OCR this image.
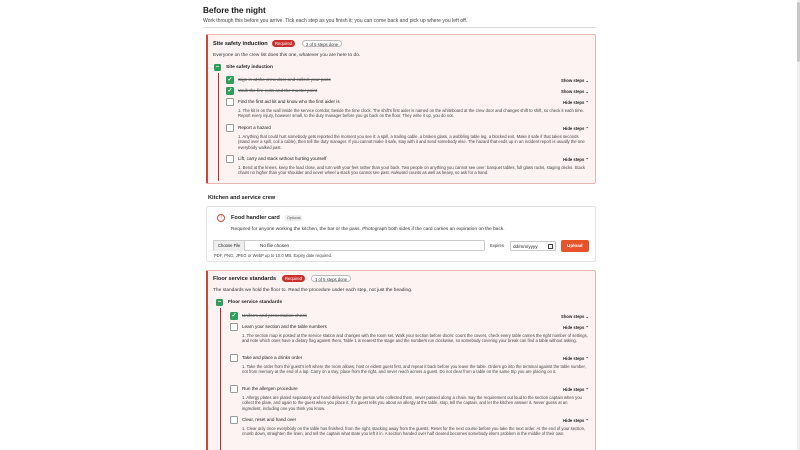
Before the night
Work through this before you arrive. Tick each step as you finish it; you can come back and pick up where you left off.
Site safety induction	Required	2 of 5 steps done
Everyone on the crew list does this one, whatever you are here to do.
–	Site safety induction
✓	Sign in at the crew door and collect your pass	Show steps ⌄
✓	Walk the fire exits and the muster point	Show steps ⌄
Find the first aid kit and know who the first aider is	Hide steps ⌃
1. The kit is on the wall inside the service corridor, beside the time clock. The shift's first aider is named on the whiteboard at the crew door and changes shift to shift, so check it each time. Report every injury, however small, to the duty manager before you go back on the floor. They write it up, you do not.
Report a hazard	Hide steps ⌃
1. Anything that could hurt somebody gets reported the moment you see it: a spill, a trailing cable, a broken glass, a wobbling table leg, a blocked exit. Make it safe if that takes seconds (stand over a spill, coil a cable), then tell the duty manager. If you cannot make it safe, stay with it and send somebody else. The hazard that ends up in an incident report is usually the one everybody walked past.
Lift, carry and stack without hurting yourself	Hide steps ⌃
1. Bend at the knees, keep the load close, and turn with your feet rather than your back. Two people on anything you cannot see over: banquet tables, full glass racks, staging decks. Stack chairs no higher than your shoulder and never wheel a stack you cannot see past. Awkward counts as well as heavy, so ask for a hand.
Kitchen and service crew
↑	Food handler card	Optional
Required for anyone working the kitchen, the bar or the pass. Photograph both sides if the card carries an expiration on the back.
Choose File	No file chosen	Expires	dd/mm/yyyy	Upload
PDF, PNG, JPEG or WebP up to 10.0 MB. Expiry date required.
Floor service standards	Required	1 of 5 steps done
The standards we hold the floor to. Read the procedure under each step, not just the heading.
–	Floor service standards
✓	Uniform and presentation check	Show steps ⌄
Learn your section and the table numbers	Hide steps ⌃
1. The section map is posted at the service station and changes with the room set. Walk your section before doors: count the covers, check every table carries the right number of settings, and note which ones have a dietary flag against them. Table 1 is nearest the stage and the numbers run clockwise, so somebody covering your break can find a table without asking.
Take and place a drinks order	Hide steps ⌃
1. Take the order from the guest's left where the room allows, host or eldest guest first, and repeat it back before you leave the table. Orders go into the terminal against the table number, not from memory at the end of a lap. Carry on a tray, place from the right, and never reach across a guest. Do not clear from a table on the same trip you are placing on it.
Run the allergen procedure	Hide steps ⌃
1. Allergy plates are plated separately and hand-delivered by the person who collected them, never passed along a chain. Say the requirement out loud to the section captain when you collect the plate, and again to the guest when you place it. If a guest tells you about an allergy at the table, stop, tell the captain, and let the kitchen answer it. Never guess at an ingredient, including one you think you know.
Clear, reset and hand over	Hide steps ⌃
1. Clear only once everybody on the table has finished, from the right, stacking away from the guests. Reset for the next course before you take the next order. At the end of your section, crumb down, straighten the linen, and tell the captain what state you left it in. A section handed over half cleared becomes somebody else's problem in the middle of their own.
